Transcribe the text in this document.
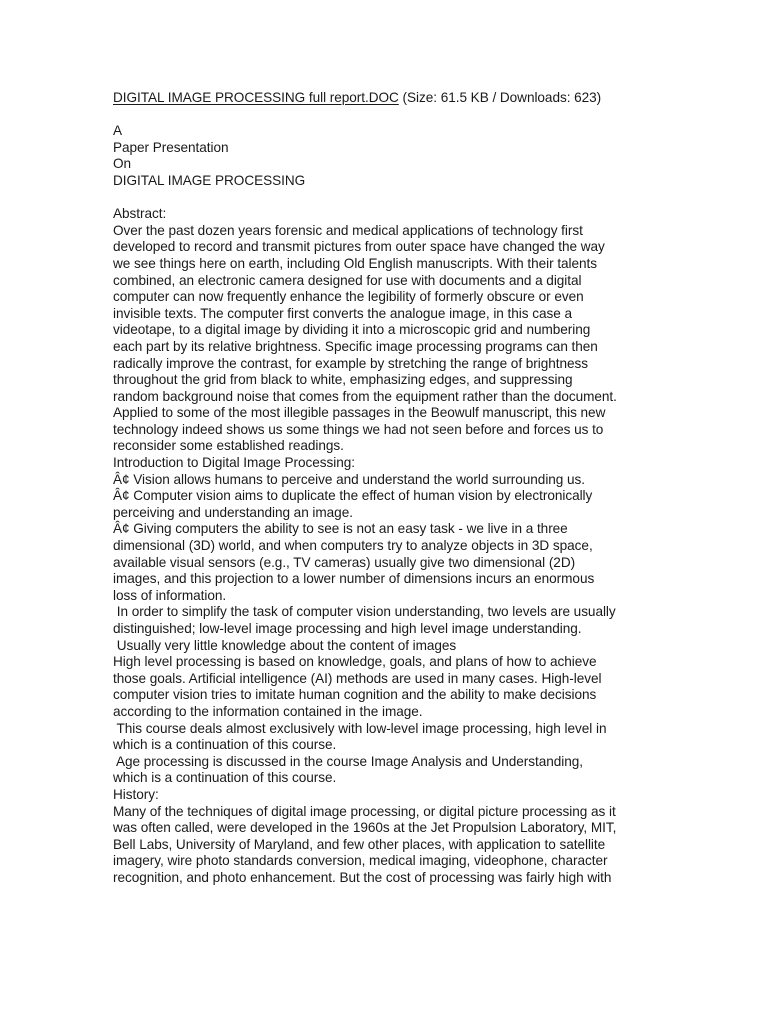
DIGITAL IMAGE PROCESSING full report.DOC (Size: 61.5 KB / Downloads: 623)
A
Paper Presentation
On
DIGITAL IMAGE PROCESSING
Abstract:
Over the past dozen years forensic and medical applications of technology first
developed to record and transmit pictures from outer space have changed the way
we see things here on earth, including Old English manuscripts. With their talents
combined, an electronic camera designed for use with documents and a digital
computer can now frequently enhance the legibility of formerly obscure or even
invisible texts. The computer first converts the analogue image, in this case a
videotape, to a digital image by dividing it into a microscopic grid and numbering
each part by its relative brightness. Specific image processing programs can then
radically improve the contrast, for example by stretching the range of brightness
throughout the grid from black to white, emphasizing edges, and suppressing
random background noise that comes from the equipment rather than the document.
Applied to some of the most illegible passages in the Beowulf manuscript, this new
technology indeed shows us some things we had not seen before and forces us to
reconsider some established readings.
Introduction to Digital Image Processing:
Â¢ Vision allows humans to perceive and understand the world surrounding us.
Â¢ Computer vision aims to duplicate the effect of human vision by electronically
perceiving and understanding an image.
Â¢ Giving computers the ability to see is not an easy task - we live in a three
dimensional (3D) world, and when computers try to analyze objects in 3D space,
available visual sensors (e.g., TV cameras) usually give two dimensional (2D)
images, and this projection to a lower number of dimensions incurs an enormous
loss of information.
In order to simplify the task of computer vision understanding, two levels are usually
distinguished; low-level image processing and high level image understanding.
Usually very little knowledge about the content of images
High level processing is based on knowledge, goals, and plans of how to achieve
those goals. Artificial intelligence (AI) methods are used in many cases. High-level
computer vision tries to imitate human cognition and the ability to make decisions
according to the information contained in the image.
This course deals almost exclusively with low-level image processing, high level in
which is a continuation of this course.
Age processing is discussed in the course Image Analysis and Understanding,
which is a continuation of this course.
History:
Many of the techniques of digital image processing, or digital picture processing as it
was often called, were developed in the 1960s at the Jet Propulsion Laboratory, MIT,
Bell Labs, University of Maryland, and few other places, with application to satellite
imagery, wire photo standards conversion, medical imaging, videophone, character
recognition, and photo enhancement. But the cost of processing was fairly high with
